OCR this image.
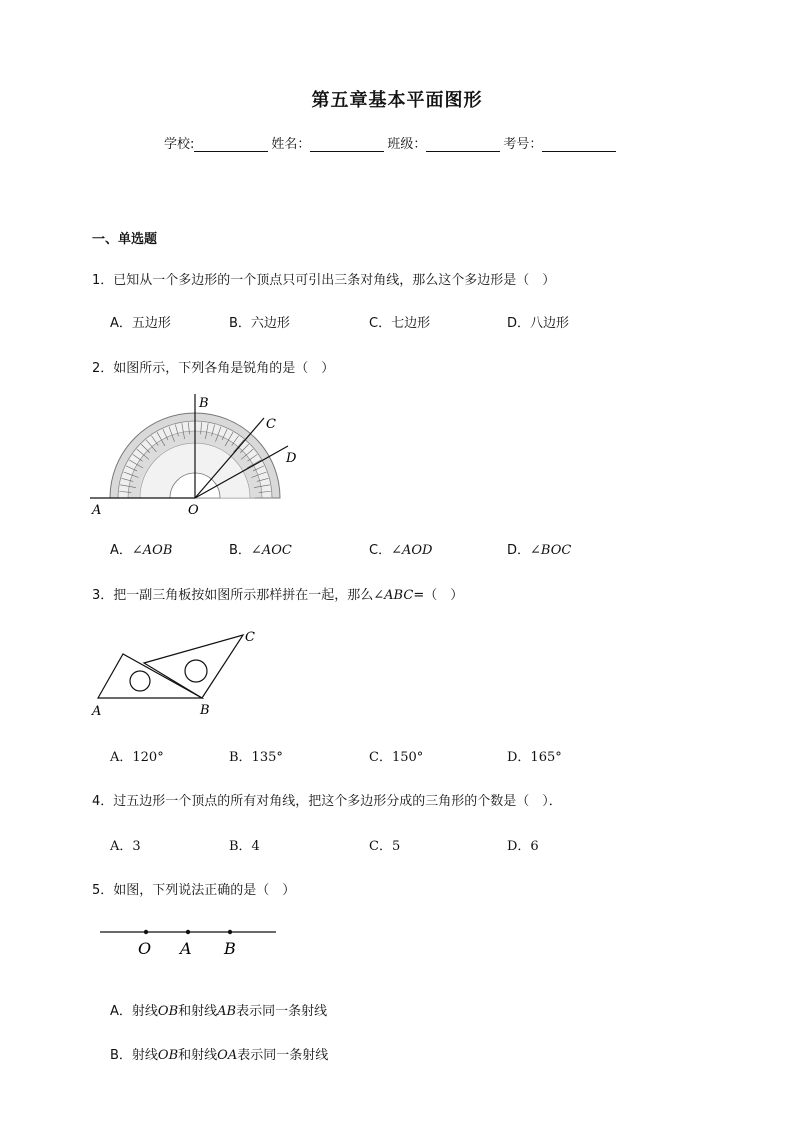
第五章基本平面图形
学校:	姓名：	班级：	考号：
一、单选题
1．已知从一个多边形的一个顶点只可引出三条对角线，那么这个多边形是（　）
A．五边形	B．六边形	C．七边形	D．八边形
2．如图所示，下列各角是锐角的是（　）
A	O
B
C
D
A．∠AOB	B．∠AOC	C．∠AOD	D．∠BOC
3．把一副三角板按如图所示那样拼在一起，那么∠ABC=（　）
A	B
C
A．120°	B．135°	C．150°	D．165°
4．过五边形一个顶点的所有对角线，把这个多边形分成的三角形的个数是（　）．
A．3	B．4	C．5	D．6
5．如图，下列说法正确的是（　）
O A B
A．射线OB和射线AB表示同一条射线
B．射线OB和射线OA表示同一条射线
